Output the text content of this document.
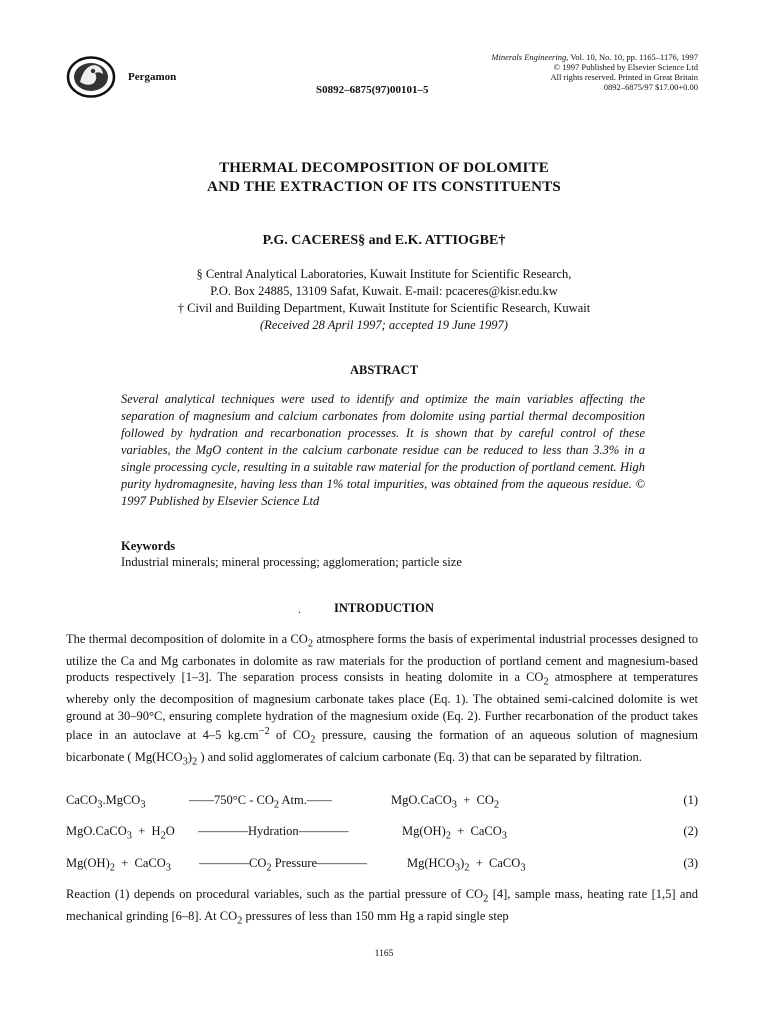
Pergamon
S0892–6875(97)00101–5
Minerals Engineering, Vol. 10, No. 10, pp. 1165–1176, 1997
© 1997 Published by Elsevier Science Ltd
All rights reserved. Printed in Great Britain
0892–6875/97 $17.00+0.00
THERMAL DECOMPOSITION OF DOLOMITE
AND THE EXTRACTION OF ITS CONSTITUENTS
P.G. CACERES§ and E.K. ATTIOGBE†
§ Central Analytical Laboratories, Kuwait Institute for Scientific Research,
P.O. Box 24885, 13109 Safat, Kuwait. E-mail: pcaceres@kisr.edu.kw
† Civil and Building Department, Kuwait Institute for Scientific Research, Kuwait
(Received 28 April 1997; accepted 19 June 1997)
ABSTRACT
Several analytical techniques were used to identify and optimize the main variables affecting the separation of magnesium and calcium carbonates from dolomite using partial thermal decomposition followed by hydration and recarbonation processes. It is shown that by careful control of these variables, the MgO content in the calcium carbonate residue can be reduced to less than 3.3% in a single processing cycle, resulting in a suitable raw material for the production of portland cement. High purity hydromagnesite, having less than 1% total impurities, was obtained from the aqueous residue. © 1997 Published by Elsevier Science Ltd
Keywords
Industrial minerals; mineral processing; agglomeration; particle size
.	INTRODUCTION
The thermal decomposition of dolomite in a $CO_2$ atmosphere forms the basis of experimental industrial processes designed to utilize the Ca and Mg carbonates in dolomite as raw materials for the production of portland cement and magnesium-based products respectively [1–3]. The separation process consists in heating dolomite in a $CO_2$ atmosphere at temperatures whereby only the decomposition of magnesium carbonate takes place (Eq. 1). The obtained semi-calcined dolomite is wet ground at 30–90°C, ensuring complete hydration of the magnesium oxide (Eq. 2). Further recarbonation of the product takes place in an autoclave at 4–5 $kg.cm^{-2}$ of $CO_2$ pressure, causing the formation of an aqueous solution of magnesium bicarbonate ( $Mg(HCO_3)_2$ ) and solid agglomerates of calcium carbonate (Eq. 3) that can be separated by filtration.
CaCO$_3$.MgCO$_3$	——750°C - $CO_2$ Atm.——	MgO.CaCO$_3$  +  $CO_2$	(1)
MgO.CaCO$_3$  +  $H_2O$ ————Hydration————	$Mg(OH)_2$  +  CaCO$_3$	(2)
$Mg(OH)_2$  +  CaCO$_3$ $————CO_2$ Pressure————	$Mg(HCO_3)_2$  +  CaCO$_3$	(3)
Reaction (1) depends on procedural variables, such as the partial pressure of $CO_2$ [4], sample mass, heating rate [1,5] and mechanical grinding [6–8]. At $CO_2$ pressures of less than 150 mm Hg a rapid single step
1165
